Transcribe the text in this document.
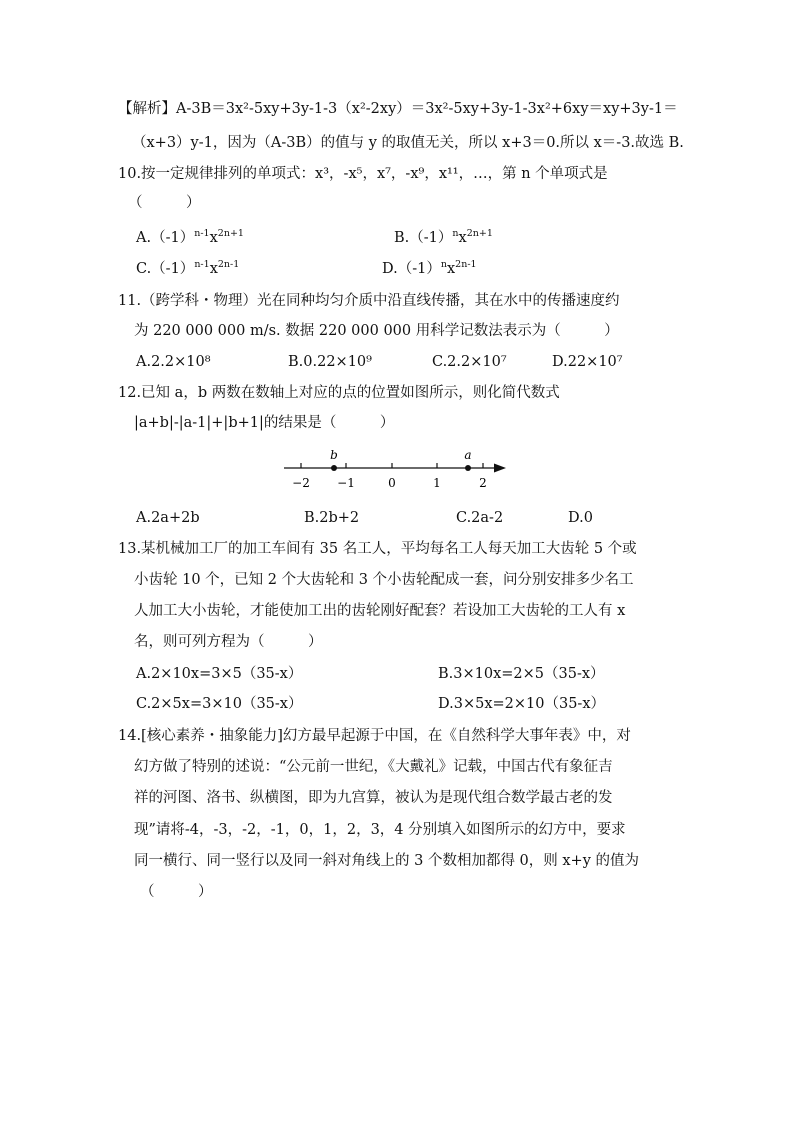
【解析】A-3B＝3x²-5xy+3y-1-3（x²-2xy）＝3x²-5xy+3y-1-3x²+6xy＝xy+3y-1＝
（x+3）y-1，因为（A-3B）的值与 y 的取值无关，所以 x+3＝0.所以 x＝-3.故选 B.
10.按一定规律排列的单项式：x³，-x⁵，x⁷，-x⁹，x¹¹，…，第 n 个单项式是
（　　　）
$A.(-1)^{n-1}x^{2n+1}$	$B.(-1)^nx^{2n+1}$
$C.(-1)^{n-1}x^{2n-1}$	$D.(-1)^nx^{2n-1}$
11.（跨学科・物理）光在同种均匀介质中沿直线传播，其在水中的传播速度约
为 220 000 000 m/s. 数据 220 000 000 用科学记数法表示为（　　　）
A.2.2×10⁸	B.0.22×10⁹	C.2.2×10⁷	D.22×10⁷
12.已知 a，b 两数在数轴上对应的点的位置如图所示，则化简代数式
|a+b|-|a-1|+|b+1|的结果是（　　　）
b	a
−2 −1	0	1	2
A.2a+2b	B.2b+2	C.2a-2	D.0
13.某机械加工厂的加工车间有 35 名工人，平均每名工人每天加工大齿轮 5 个或
小齿轮 10 个，已知 2 个大齿轮和 3 个小齿轮配成一套，问分别安排多少名工
人加工大小齿轮，才能使加工出的齿轮刚好配套？若设加工大齿轮的工人有 x
名，则可列方程为（　　　）
A.2×10x=3×5（35-x）	B.3×10x=2×5（35-x）
C.2×5x=3×10（35-x）	D.3×5x=2×10（35-x）
14.[核心素养・抽象能力]幻方最早起源于中国，在《自然科学大事年表》中，对
幻方做了特别的述说：“公元前一世纪，《大戴礼》记载，中国古代有象征吉
祥的河图、洛书、纵横图，即为九宫算，被认为是现代组合数学最古老的发
现”请将-4，-3，-2，-1，0，1，2，3，4 分别填入如图所示的幻方中，要求
同一横行、同一竖行以及同一斜对角线上的 3 个数相加都得 0，则 x+y 的值为
（　　　）
